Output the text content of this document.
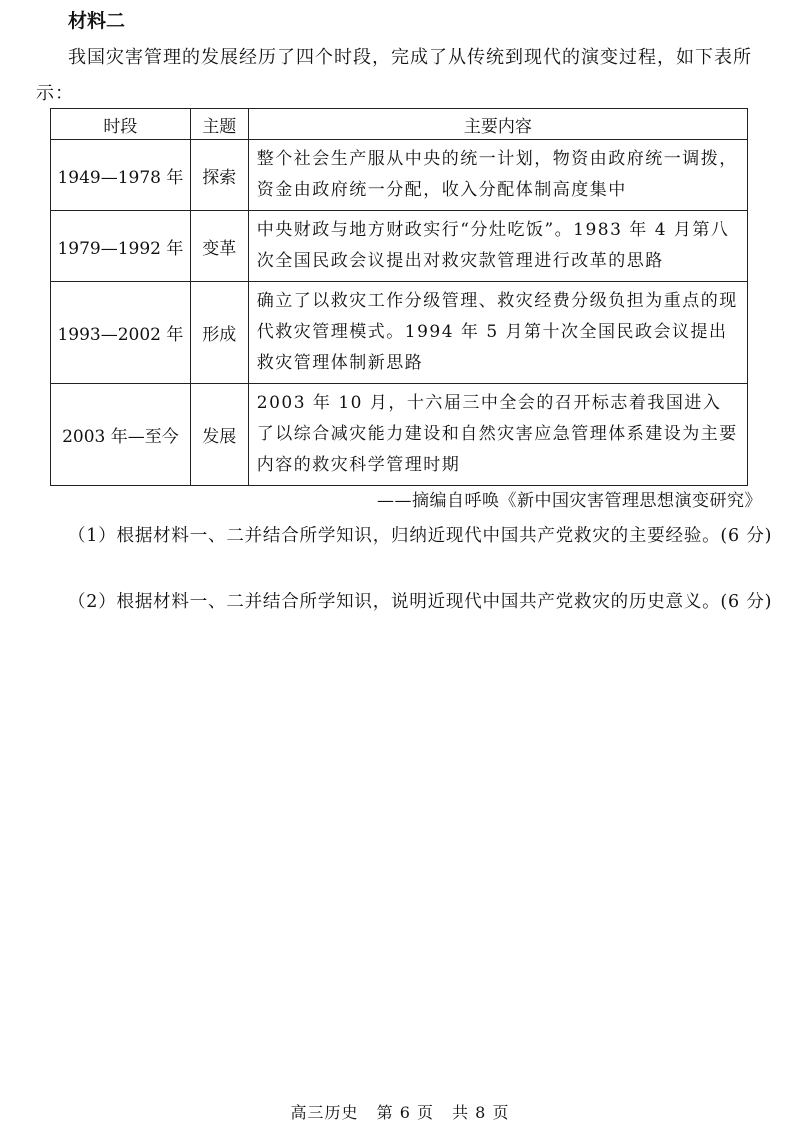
材料二
我国灾害管理的发展经历了四个时段，完成了从传统到现代的演变过程，如下表所示：
时段	主题	主要内容
1949—1978 年	探索	整个社会生产服从中央的统一计划，物资由政府统一调拨，资金由政府统一分配，收入分配体制高度集中
1979—1992 年	变革	中央财政与地方财政实行“分灶吃饭”。1983 年 4 月第八次全国民政会议提出对救灾款管理进行改革的思路
1993—2002 年	形成	确立了以救灾工作分级管理、救灾经费分级负担为重点的现代救灾管理模式。1994 年 5 月第十次全国民政会议提出救灾管理体制新思路
2003 年—至今	发展	2003 年 10 月，十六届三中全会的召开标志着我国进入了以综合减灾能力建设和自然灾害应急管理体系建设为主要内容的救灾科学管理时期
——摘编自呼唤《新中国灾害管理思想演变研究》
（1）根据材料一、二并结合所学知识，归纳近现代中国共产党救灾的主要经验。(6 分)
（2）根据材料一、二并结合所学知识，说明近现代中国共产党救灾的历史意义。(6 分)
高三历史 第 6 页 共 8 页
